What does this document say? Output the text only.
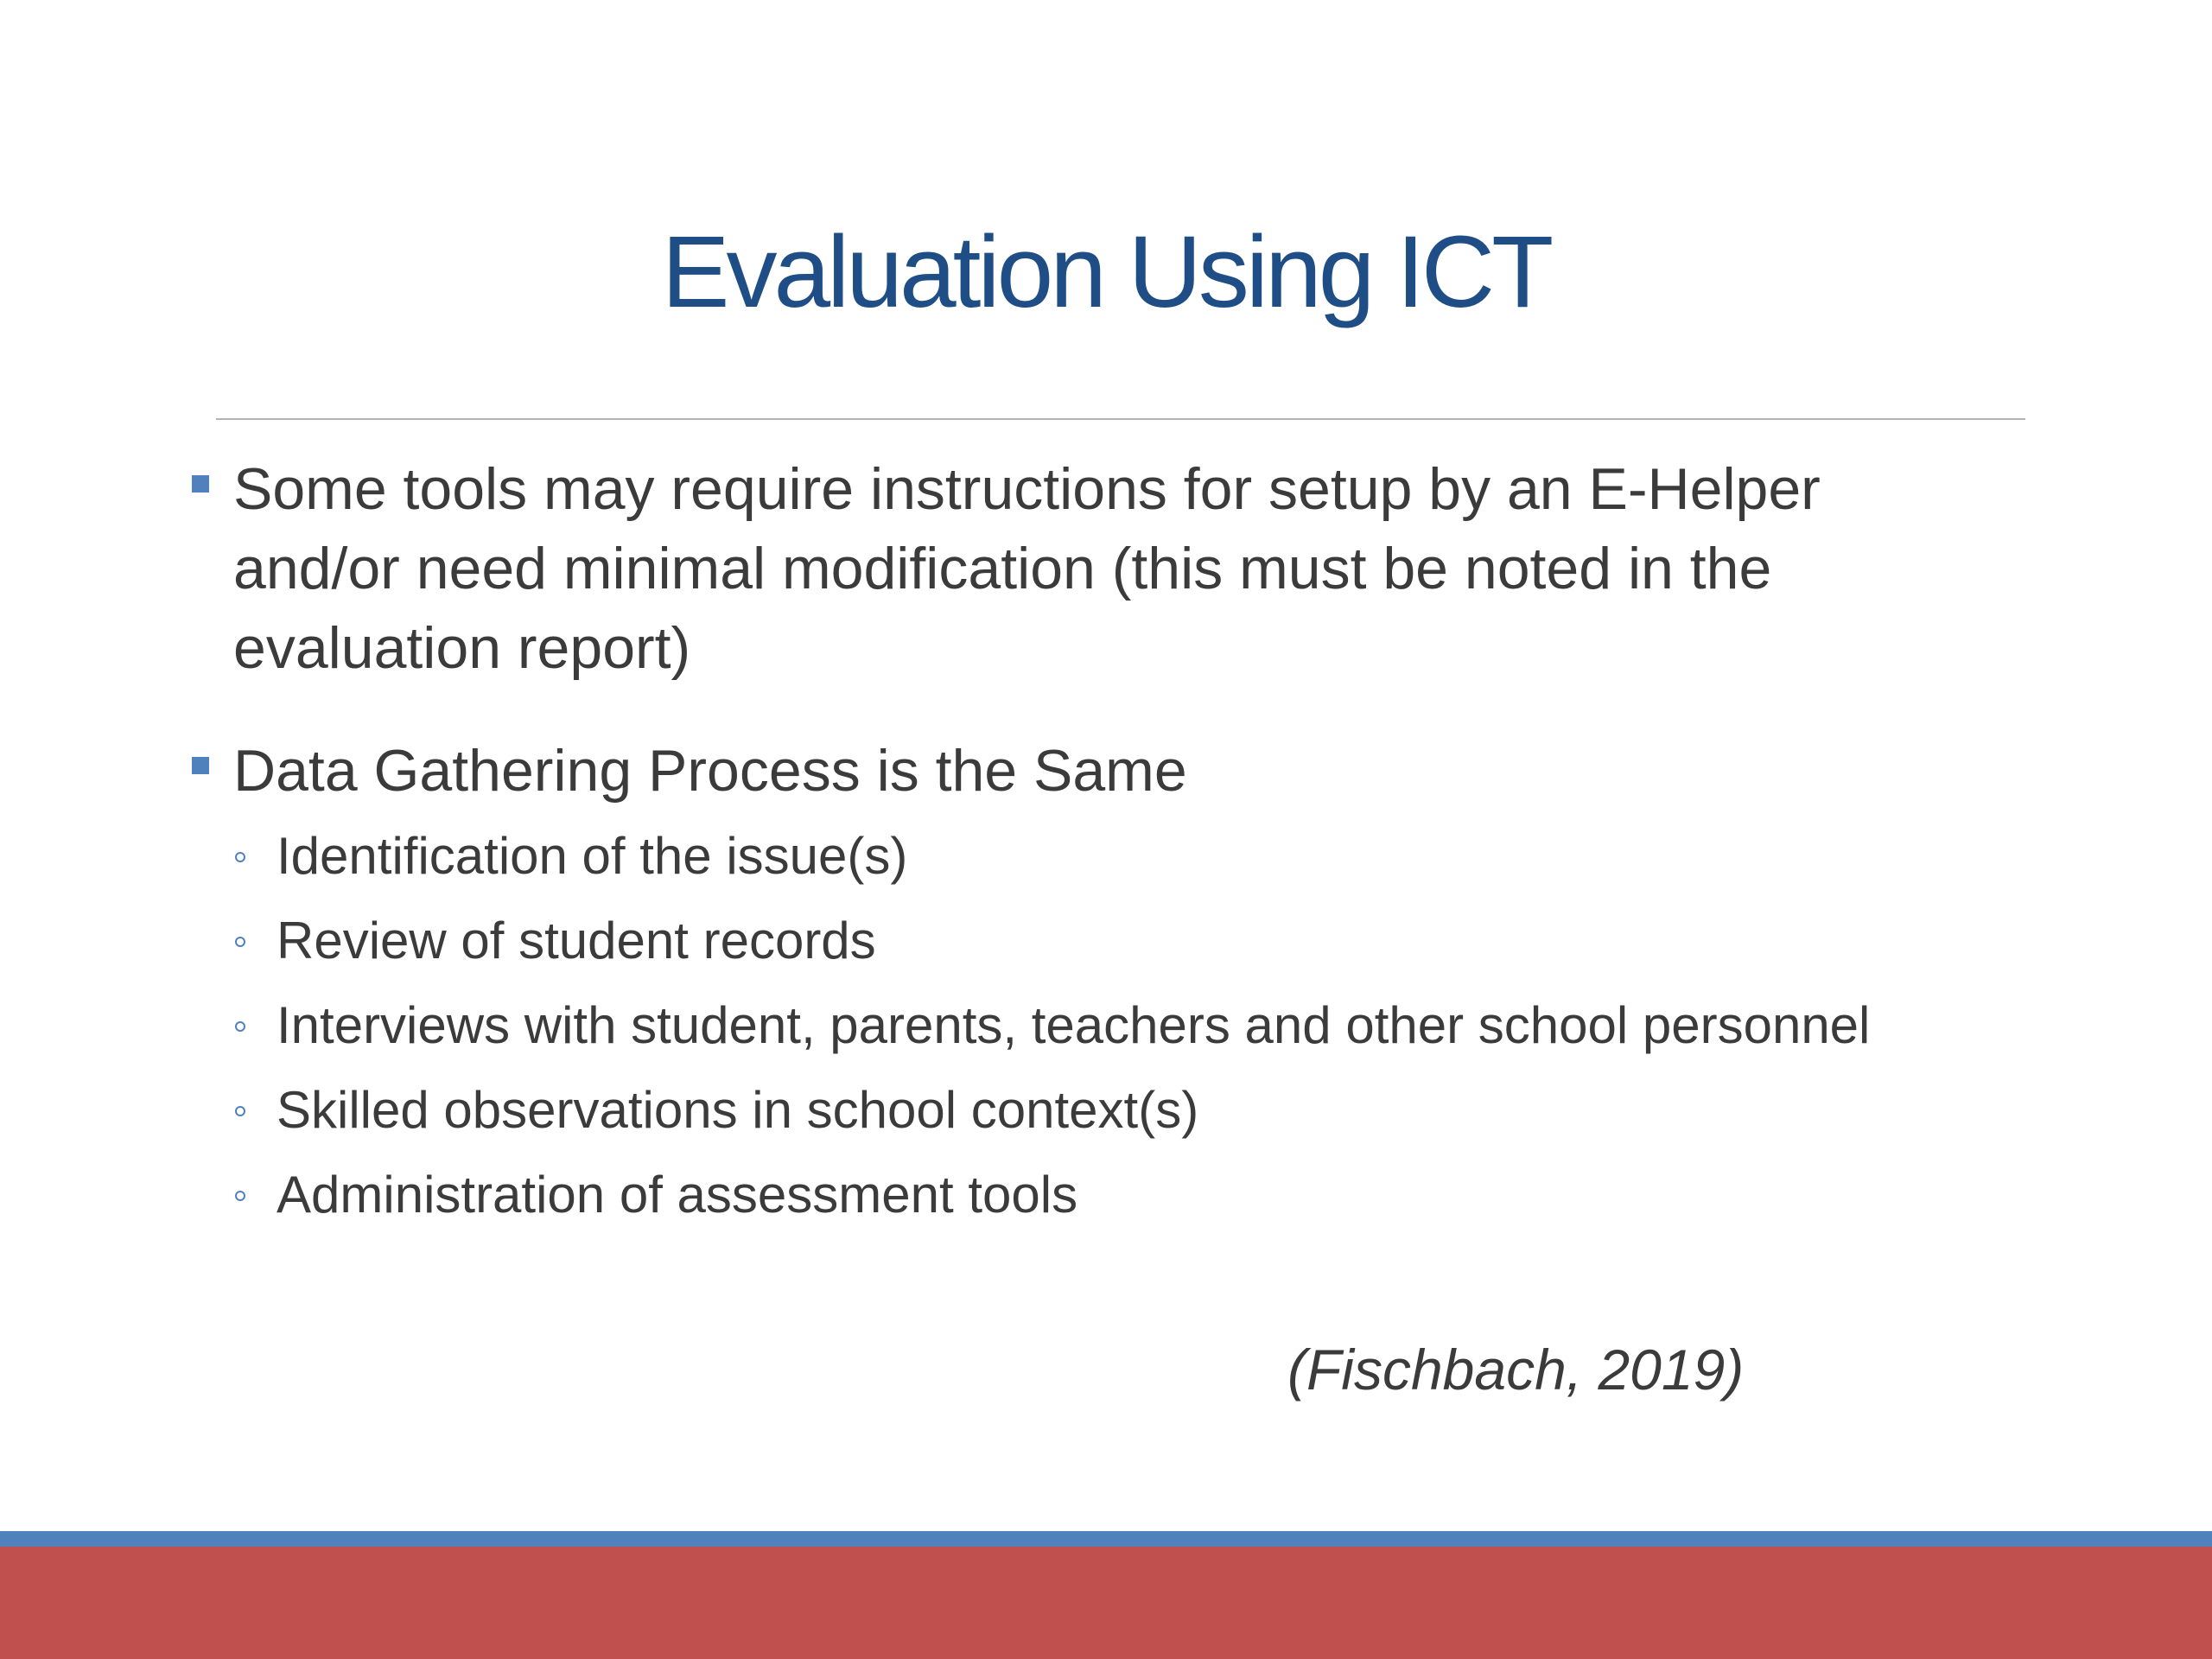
Evaluation Using ICT
Some tools may require instructions for setup by an E-Helper and/or need minimal modification (this must be noted in the evaluation report)
Data Gathering Process is the Same
Identification of the issue(s)
Review of student records
Interviews with student, parents, teachers and other school personnel
Skilled observations in school context(s)
Administration of assessment tools
(Fischbach, 2019)
